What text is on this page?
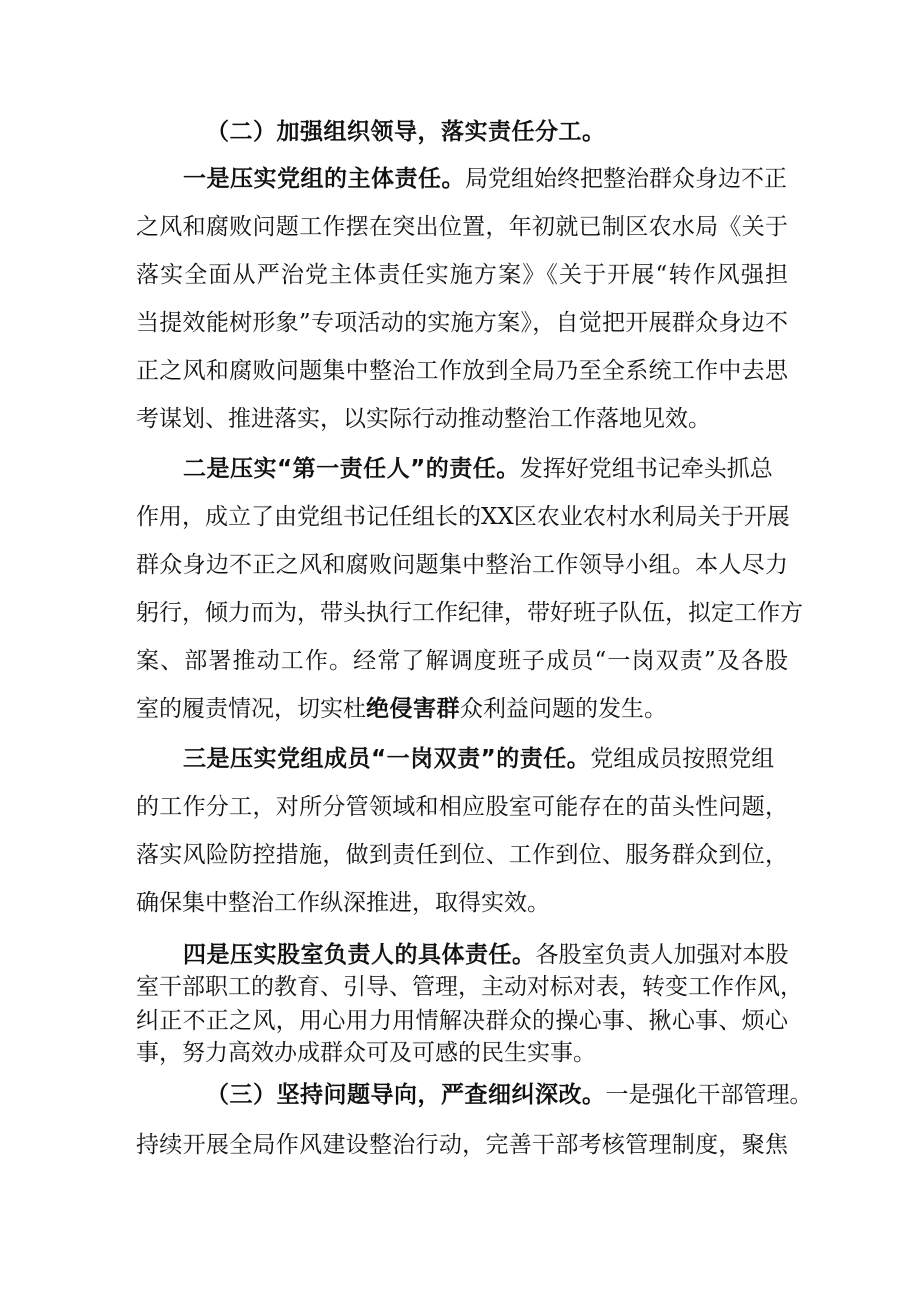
（二）加强组织领导，落实责任分工。
一是压实党组的主体责任。局党组始终把整治群众身边不正
之风和腐败问题工作摆在突出位置，年初就已制区农水局《关于
落实全面从严治党主体责任实施方案》《关于开展“转作风强担
当提效能树形象”专项活动的实施方案》，自觉把开展群众身边不
正之风和腐败问题集中整治工作放到全局乃至全系统工作中去思
考谋划、推进落实，以实际行动推动整治工作落地见效。
二是压实“第一责任人”的责任。发挥好党组书记牵头抓总
作用，成立了由党组书记任组长的XX区农业农村水利局关于开展
群众身边不正之风和腐败问题集中整治工作领导小组。本人尽力
躬行，倾力而为，带头执行工作纪律，带好班子队伍，拟定工作方
案、部署推动工作。经常了解调度班子成员“一岗双责”及各股
室的履责情况，切实杜绝侵害群众利益问题的发生。
三是压实党组成员“一岗双责”的责任。党组成员按照党组
的工作分工，对所分管领域和相应股室可能存在的苗头性问题，
落实风险防控措施，做到责任到位、工作到位、服务群众到位，
确保集中整治工作纵深推进，取得实效。
四是压实股室负责人的具体责任。各股室负责人加强对本股
室干部职工的教育、引导、管理，主动对标对表，转变工作作风，
纠正不正之风，用心用力用情解决群众的操心事、揪心事、烦心
事，努力高效办成群众可及可感的民生实事。
（三）坚持问题导向，严查细纠深改。一是强化干部管理。
持续开展全局作风建设整治行动，完善干部考核管理制度，聚焦
